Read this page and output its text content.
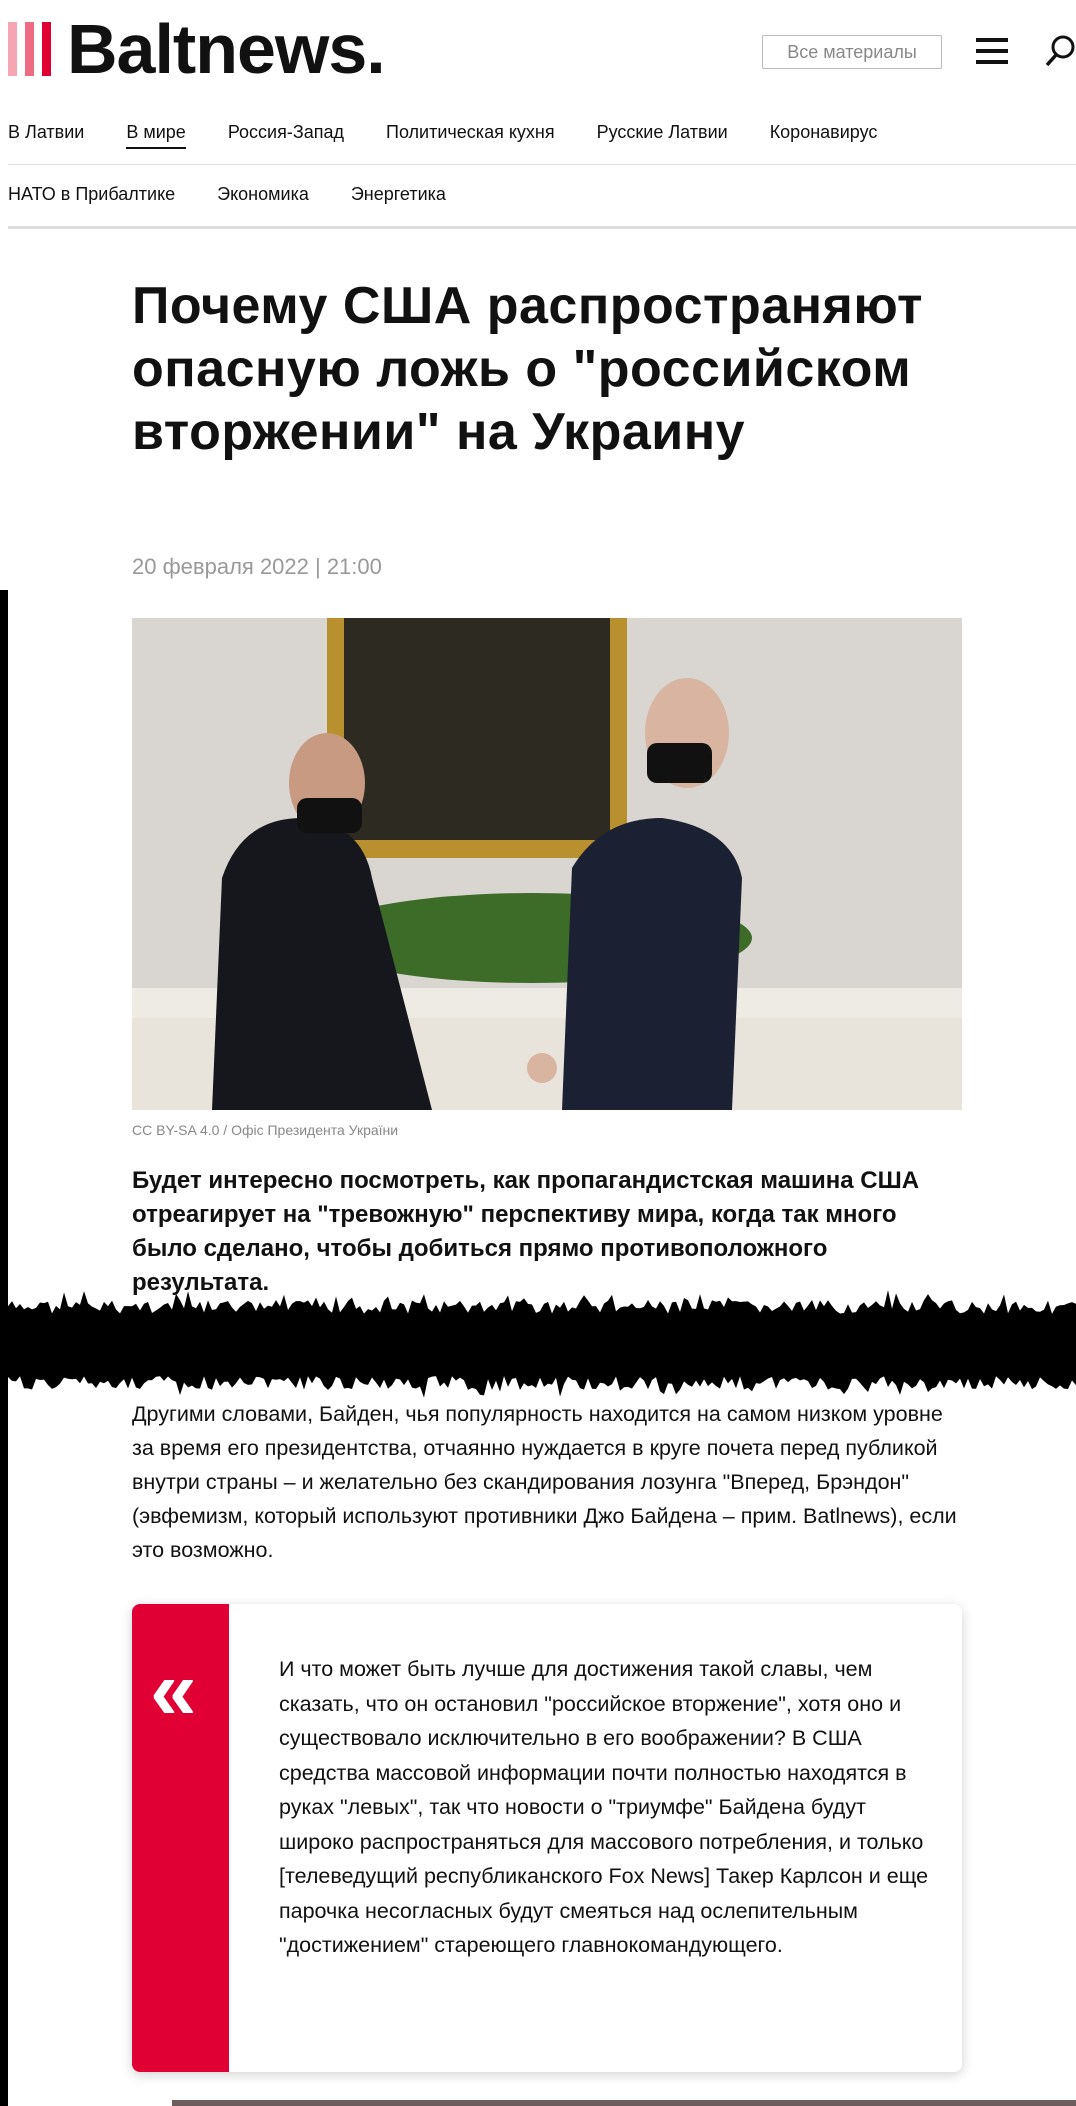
Baltnews.	Все материалы
В Латвии В мире Россия-Запад Политическая кухня Русские Латвии Коронавирус
НАТО в Прибалтике Экономика Энергетика
Почему США распространяют опасную ложь о "российском вторжении" на Украину
20 февраля 2022 | 21:00
CC BY-SA 4.0 / Офіс Президента України

Будет интересно посмотреть, как пропагандистская машина США отреагирует на "тревожную" перспективу мира, когда так много было сделано, чтобы добиться прямо противоположного результата.

Другими словами, Байден, чья популярность находится на самом низком уровне за время его президентства, отчаянно нуждается в круге почета перед публикой внутри страны – и желательно без скандирования лозунга "Вперед, Брэндон" (эвфемизм, который используют противники Джо Байдена – прим. Batlnews), если это возможно.

«	И что может быть лучше для достижения такой славы, чем сказать, что он остановил "российское вторжение", хотя оно и существовало исключительно в его воображении? В США средства массовой информации почти полностью находятся в руках "левых", так что новости о "триумфе" Байдена будут широко распространяться для массового потребления, и только [телеведущий республиканского Fox News] Такер Карлсон и еще парочка несогласных будут смеяться над ослепительным "достижением" стареющего главнокомандующего.
